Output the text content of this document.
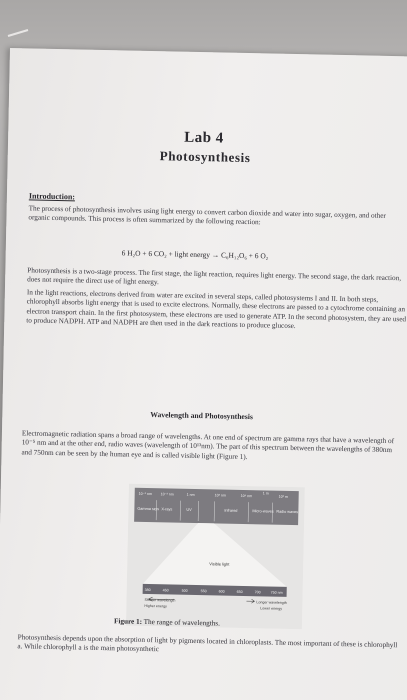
Lab 4
Photosynthesis
Introduction:
The process of photosynthesis involves using light energy to convert carbon dioxide and water into sugar, oxygen, and other organic compounds. This process is often summarized by the following reaction:
6 H₂O + 6 CO₂ + light energy → C₆H₁₂O₆ + 6 O₂
Photosynthesis is a two-stage process. The first stage, the light reaction, requires light energy. The second stage, the dark reaction, does not require the direct use of light energy.
In the light reactions, electrons derived from water are excited in several steps, called photosystems I and II. In both steps, chlorophyll absorbs light energy that is used to excite electrons. Normally, these electrons are passed to a cytochrome containing an electron transport chain. In the first photosystem, these electrons are used to generate ATP. In the second photosystem, they are used to produce NADPH. ATP and NADPH are then used in the dark reactions to produce glucose.
Wavelength and Photosynthesis
Electromagnetic radiation spans a broad range of wavelengths. At one end of spectrum are gamma rays that have a wavelength of 10⁻⁵ nm and at the other end, radio waves (wavelength of 10¹³nm). The part of this spectrum between the wavelengths of 380nm and 750nm can be seen by the human eye and is called visible light (Figure 1).
10⁻⁵ nm 10⁻³ nm	1 nm	10³ nm	10⁶ nm
1 m
10³ m
Gamma rays X-rays	UV	Infrared	Micro-waves Radio waves
Visible light
380	450	500	550	600	650	700	750 nm
Shorter wavelength
Higher energy
Longer wavelength
Lower energy
Figure 1: The range of wavelengths.
Photosynthesis depends upon the absorption of light by pigments located in chloroplasts. The most important of these is chlorophyll a. While chlorophyll a is the main photosynthetic
